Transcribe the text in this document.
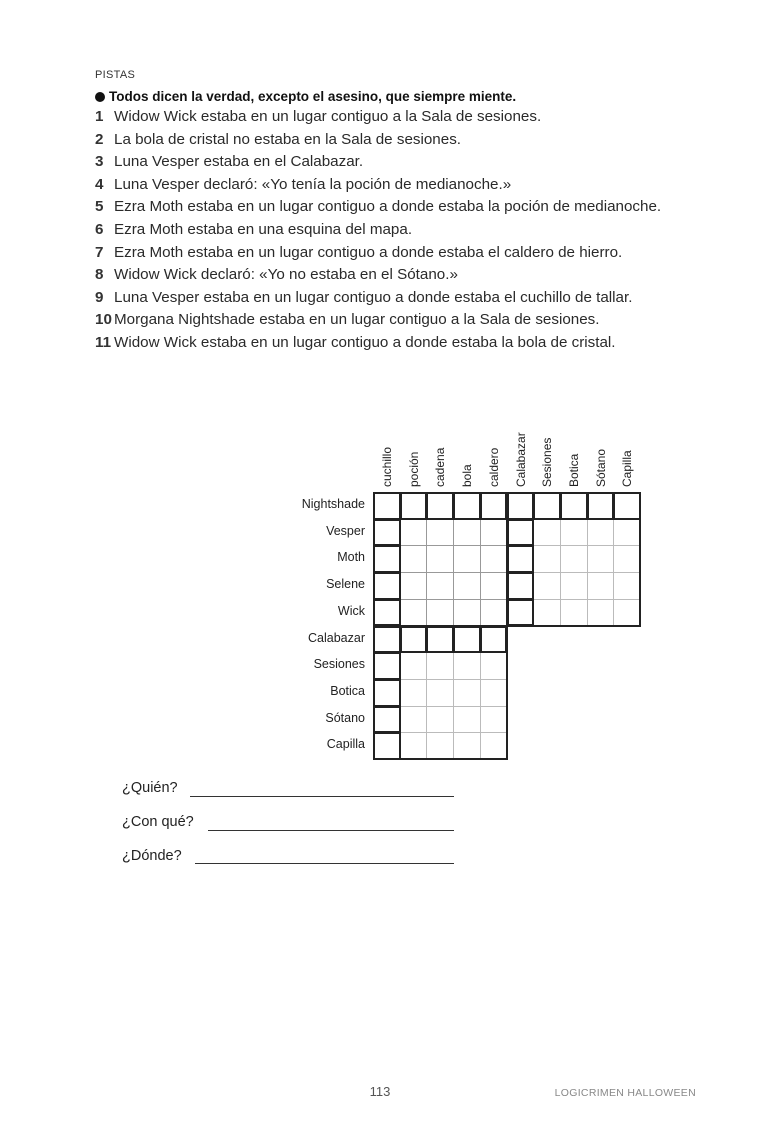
PISTAS
Todos dicen la verdad, excepto el asesino, que siempre miente.
1 Widow Wick estaba en un lugar contiguo a la Sala de sesiones.
2 La bola de cristal no estaba en la Sala de sesiones.
3 Luna Vesper estaba en el Calabazar.
4 Luna Vesper declaró: «Yo tenía la poción de medianoche.»
5 Ezra Moth estaba en un lugar contiguo a donde estaba la poción de medianoche.
6 Ezra Moth estaba en una esquina del mapa.
7 Ezra Moth estaba en un lugar contiguo a donde estaba el caldero de hierro.
8 Widow Wick declaró: «Yo no estaba en el Sótano.»
9 Luna Vesper estaba en un lugar contiguo a donde estaba el cuchillo de tallar.
10 Morgana Nightshade estaba en un lugar contiguo a la Sala de sesiones.
11 Widow Wick estaba en un lugar contiguo a donde estaba la bola de cristal.
cuchillo poción cadena bola caldero Calabazar Sesiones Botica Sótano Capilla
Nightshade
Vesper
Moth
Selene
Wick
Calabazar
Sesiones
Botica
Sótano
Capilla
¿Quién?
¿Con qué?
¿Dónde?
113	LOGICRIMEN HALLOWEEN
